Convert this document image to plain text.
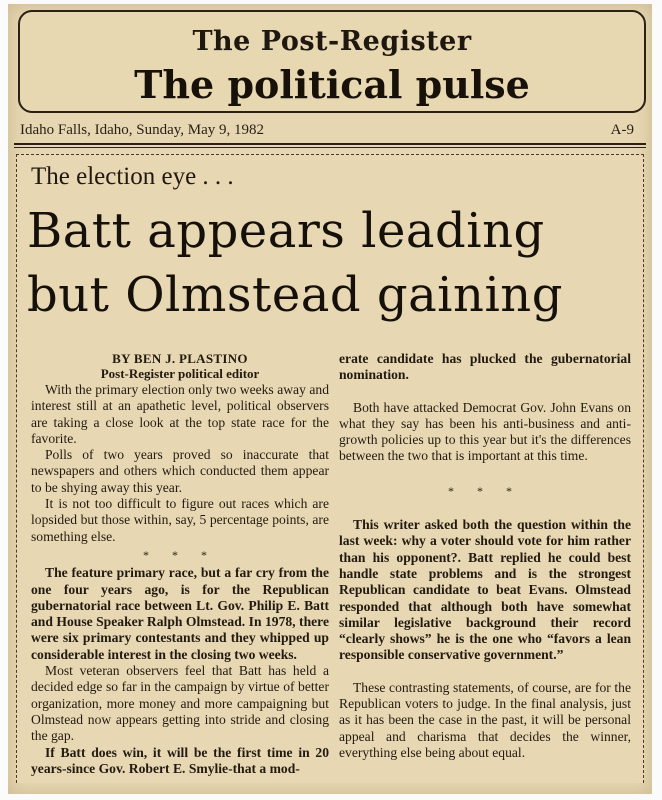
The Post-Register
The political pulse
Idaho Falls, Idaho, Sunday, May 9, 1982	A-9
The election eye . . .
Batt appears leading
but Olmstead gaining
BY BEN J. PLASTINO
Post-Register political editor

With the primary election only two weeks away and interest still at an apathetic level, political observers are taking a close look at the top state race for the favorite.

Polls of two years proved so inaccurate that newspapers and others which conducted them appear to be shying away this year.

It is not too difficult to figure out races which are lopsided but those within, say, 5 percentage points, are something else.

* * *

The feature primary race, but a far cry from the one four years ago, is for the Republican gubernatorial race between Lt. Gov. Philip E. Batt and House Speaker Ralph Olmstead. In 1978, there were six primary contestants and they whipped up considerable interest in the closing two weeks.

Most veteran observers feel that Batt has held a decided edge so far in the campaign by virtue of better organization, more money and more campaigning but Olmstead now appears getting into stride and closing the gap.

If Batt does win, it will be the first time in 20 years-since Gov. Robert E. Smylie-that a mod-

erate candidate has plucked the gubernatorial nomination.

Both have attacked Democrat Gov. John Evans on what they say has been his anti-business and anti-growth policies up to this year but it's the differences between the two that is important at this time.

* * *

This writer asked both the question within the last week: why a voter should vote for him rather than his opponent?. Batt replied he could best handle state problems and is the strongest Republican candidate to beat Evans. Olmstead responded that although both have somewhat similar legislative background their record “clearly shows” he is the one who “favors a lean responsible conservative government.”

These contrasting statements, of course, are for the Republican voters to judge. In the final analysis, just as it has been the case in the past, it will be personal appeal and charisma that decides the winner, everything else being about equal.
